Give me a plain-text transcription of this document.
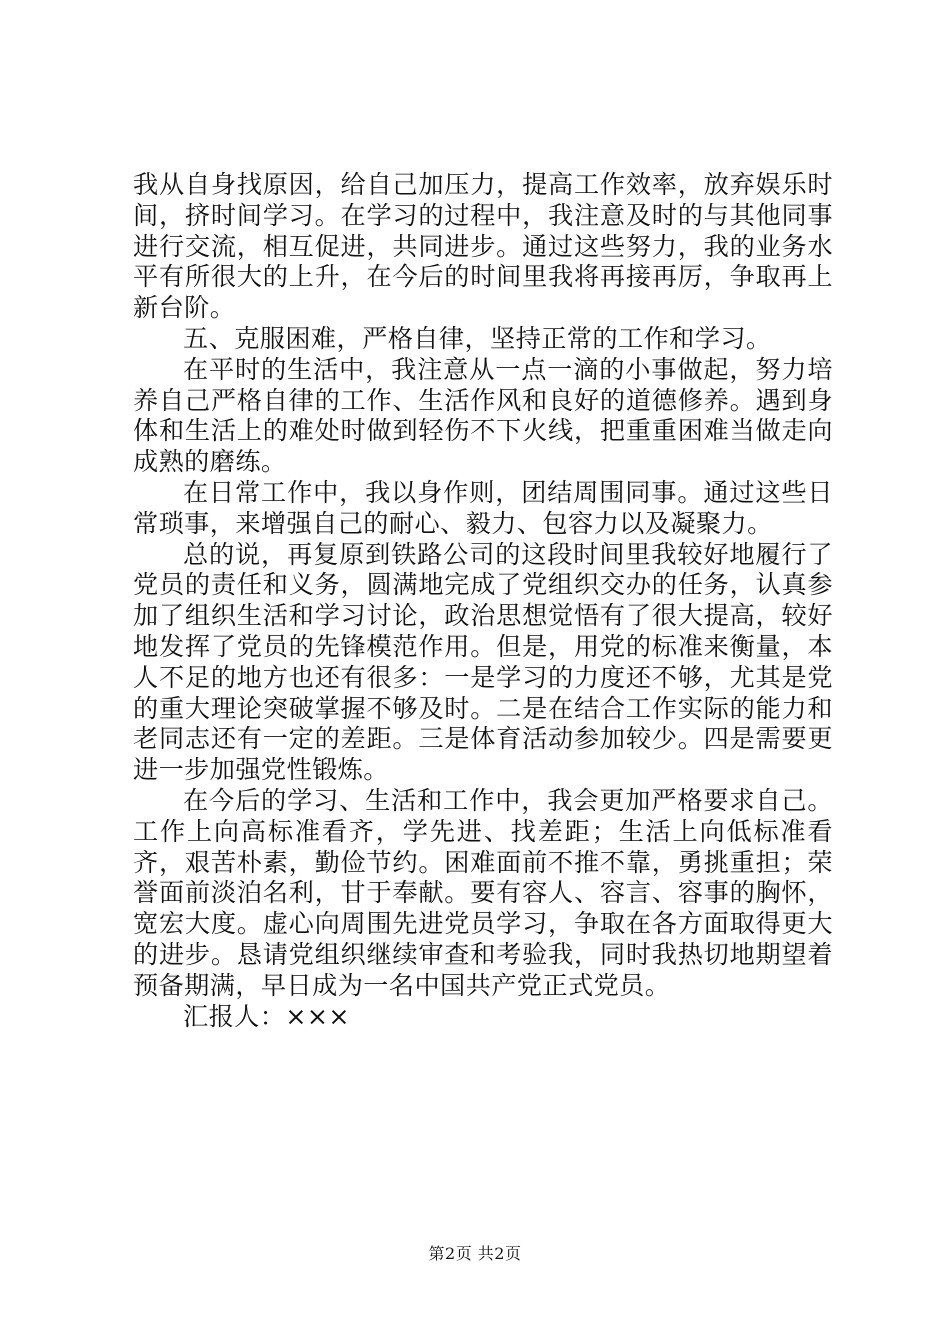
我从自身找原因，给自己加压力，提高工作效率，放弃娱乐时间，挤时间学习。在学习的过程中，我注意及时的与其他同事进行交流，相互促进，共同进步。通过这些努力，我的业务水平有所很大的上升，在今后的时间里我将再接再厉，争取再上新台阶。

五、克服困难，严格自律，坚持正常的工作和学习。

在平时的生活中，我注意从一点一滴的小事做起，努力培养自己严格自律的工作、生活作风和良好的道德修养。遇到身体和生活上的难处时做到轻伤不下火线，把重重困难当做走向成熟的磨练。

在日常工作中，我以身作则，团结周围同事。通过这些日常琐事，来增强自己的耐心、毅力、包容力以及凝聚力。

总的说，再复原到铁路公司的这段时间里我较好地履行了党员的责任和义务，圆满地完成了党组织交办的任务，认真参加了组织生活和学习讨论，政治思想觉悟有了很大提高，较好地发挥了党员的先锋模范作用。但是，用党的标准来衡量，本人不足的地方也还有很多：一是学习的力度还不够，尤其是党的重大理论突破掌握不够及时。二是在结合工作实际的能力和老同志还有一定的差距。三是体育活动参加较少。四是需要更进一步加强党性锻炼。

在今后的学习、生活和工作中，我会更加严格要求自己。工作上向高标准看齐，学先进、找差距；生活上向低标准看齐，艰苦朴素，勤俭节约。困难面前不推不靠，勇挑重担；荣誉面前淡泊名利，甘于奉献。要有容人、容言、容事的胸怀，宽宏大度。虚心向周围先进党员学习，争取在各方面取得更大的进步。恳请党组织继续审查和考验我，同时我热切地期望着预备期满，早日成为一名中国共产党正式党员。

汇报人：×××

第2页 共2页
